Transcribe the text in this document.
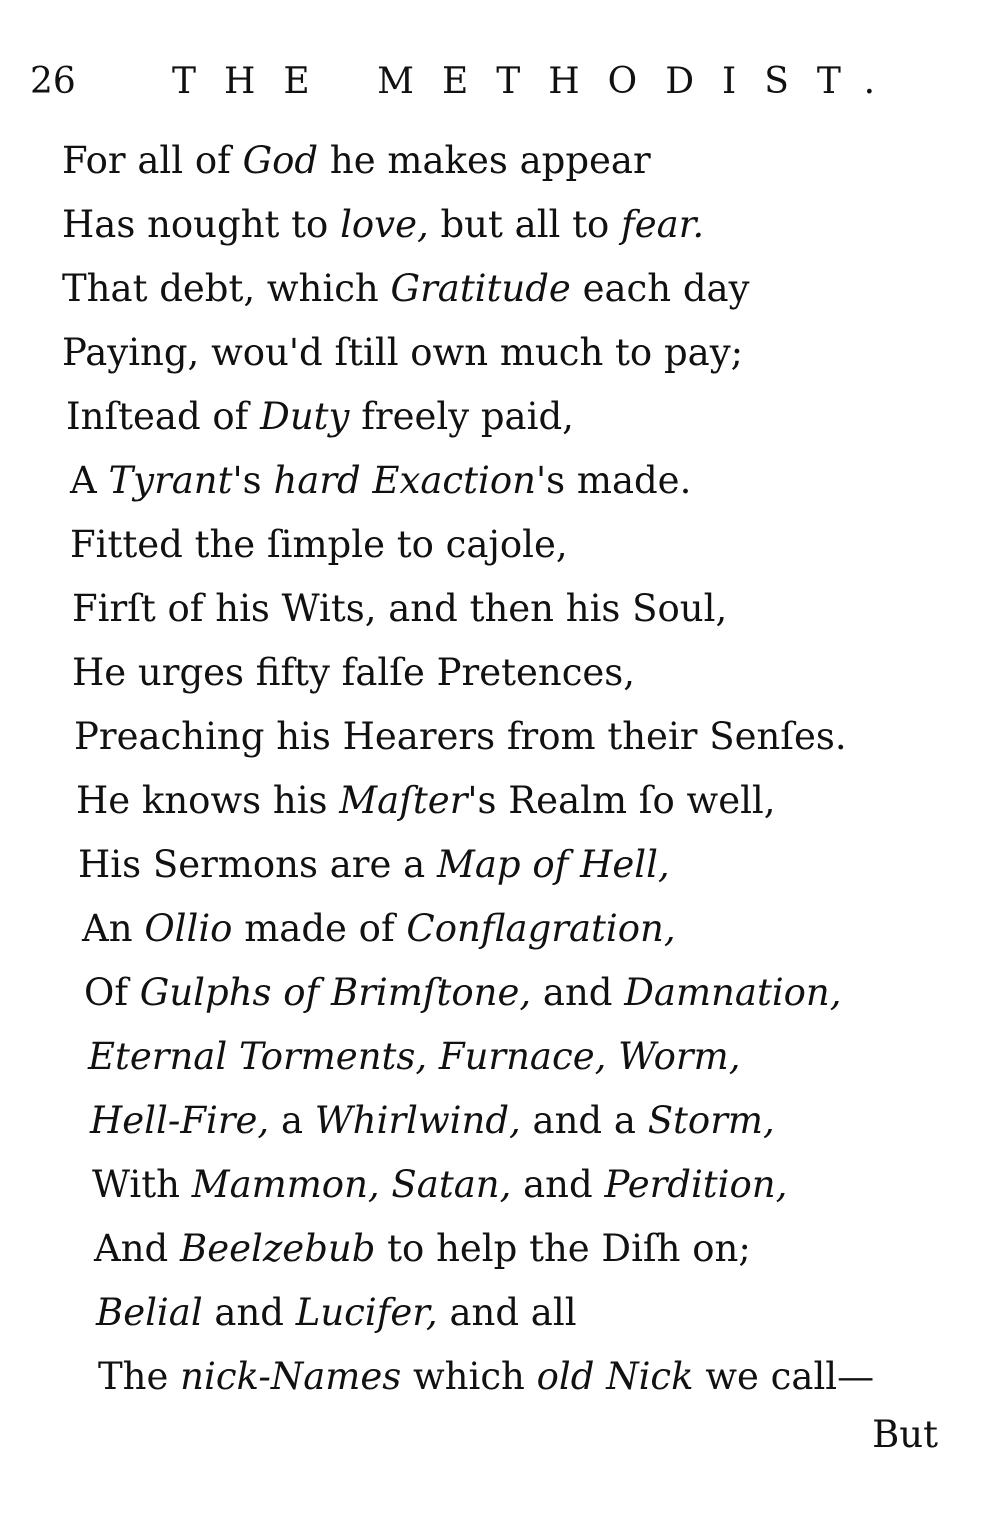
26	THE METHODIST.
For all of God he makes appear
Has nought to love, but all to fear.
That debt, which Gratitude each day
Paying, wou'd ſtill own much to pay;
Inſtead of Duty freely paid,
A Tyrant's hard Exaction's made.
Fitted the ſimple to cajole,
Firſt of his Wits, and then his Soul,
He urges fifty falſe Pretences,
Preaching his Hearers from their Senſes.
He knows his Maſter's Realm ſo well,
His Sermons are a Map of Hell,
An Ollio made of Conflagration,
Of Gulphs of Brimſtone, and Damnation,
Eternal Torments, Furnace, Worm,
Hell-Fire, a Whirlwind, and a Storm,
With Mammon, Satan, and Perdition,
And Beelzebub to help the Diſh on;
Belial and Lucifer, and all
The nick-Names which old Nick we call—
But
